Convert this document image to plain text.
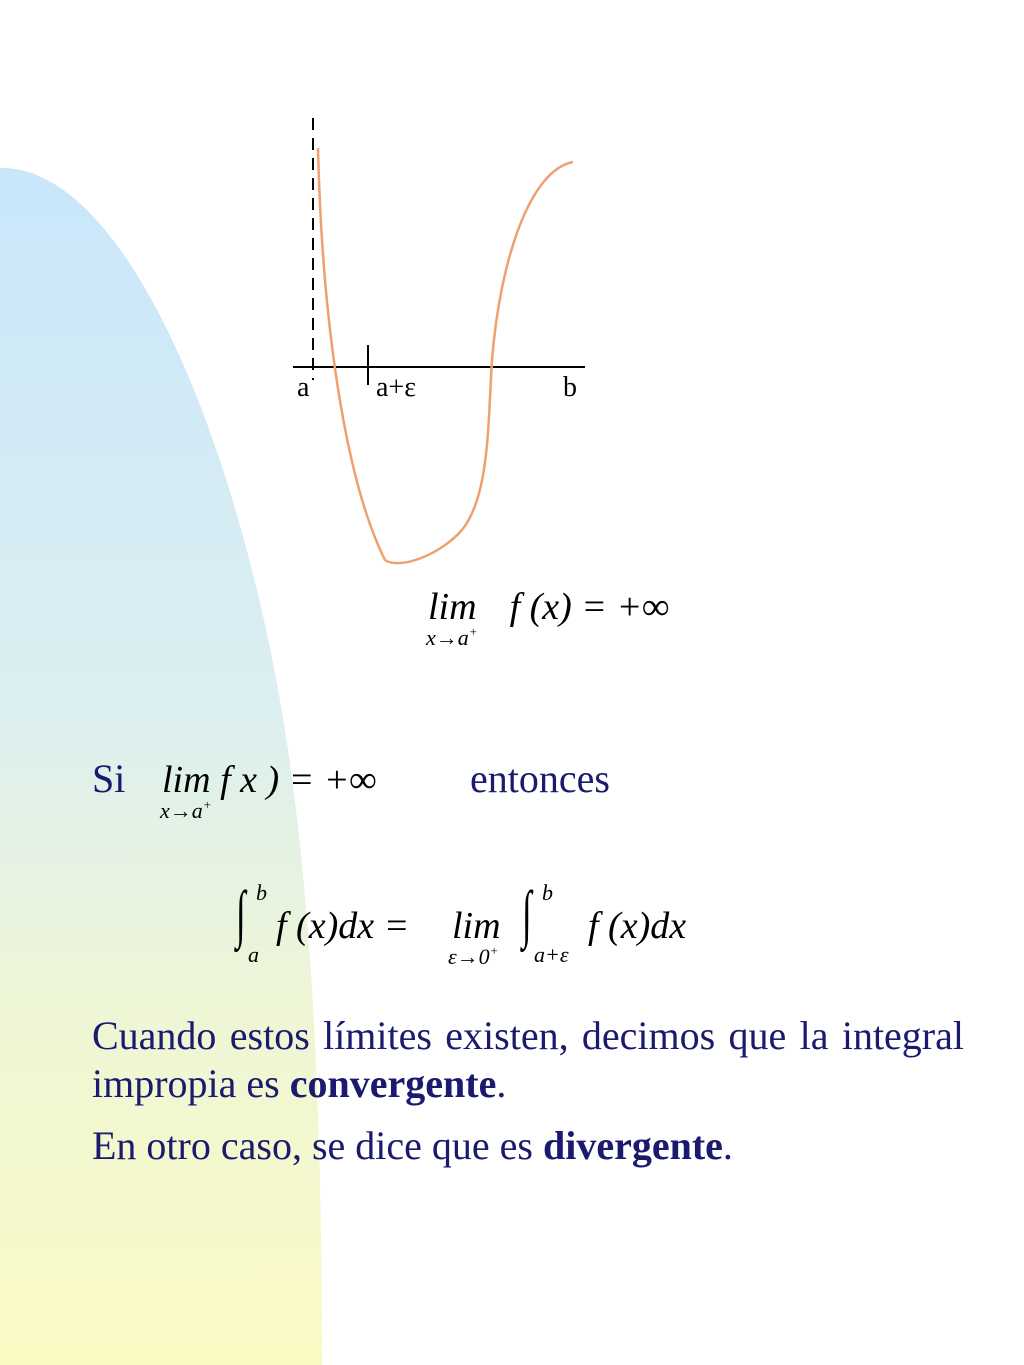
a a+ε	b
lim
x→a+
f (x) = +∞
Si lim
x→a+
f x ) = +∞ entonces
∫ b
a
f (x)dx = lim
ε→0+
∫ b
a+ε
f (x)dx

Cuando estos límites existen, decimos que la integral impropia es convergente.

En otro caso, se dice que es divergente.
